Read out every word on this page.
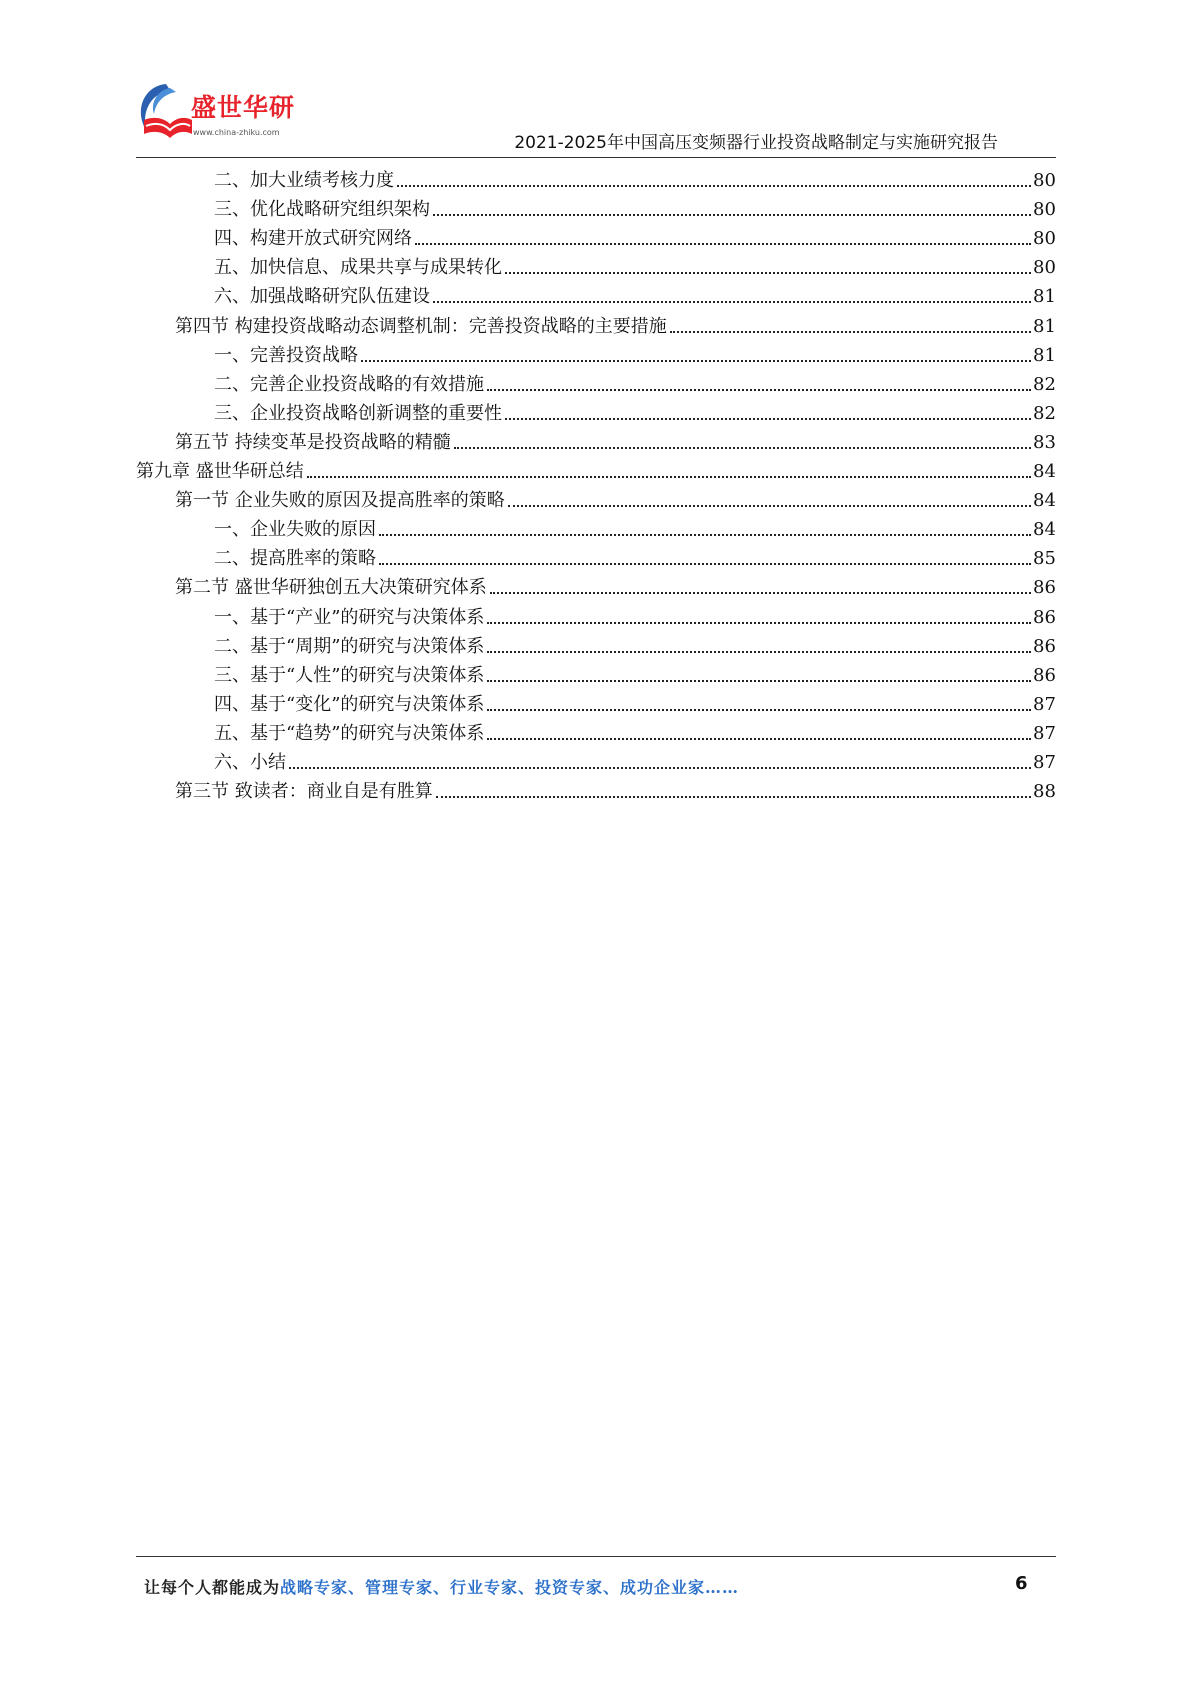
盛世华研
www.china-zhiku.com
2021-2025年中国高压变频器行业投资战略制定与实施研究报告
二、加大业绩考核力度	80
三、优化战略研究组织架构	80
四、构建开放式研究网络	80
五、加快信息、成果共享与成果转化	80
六、加强战略研究队伍建设	81
第四节 构建投资战略动态调整机制：完善投资战略的主要措施	81
一、完善投资战略	81
二、完善企业投资战略的有效措施	82
三、企业投资战略创新调整的重要性	82
第五节 持续变革是投资战略的精髓	83
第九章 盛世华研总结	84
第一节 企业失败的原因及提高胜率的策略	84
一、企业失败的原因	84
二、提高胜率的策略	85
第二节 盛世华研独创五大决策研究体系	86
一、基于“产业”的研究与决策体系	86
二、基于“周期”的研究与决策体系	86
三、基于“人性”的研究与决策体系	86
四、基于“变化”的研究与决策体系	87
五、基于“趋势”的研究与决策体系	87
六、小结	87
第三节 致读者：商业自是有胜算	88
让每个人都能成为战略专家、管理专家、行业专家、投资专家、成功企业家……	6
